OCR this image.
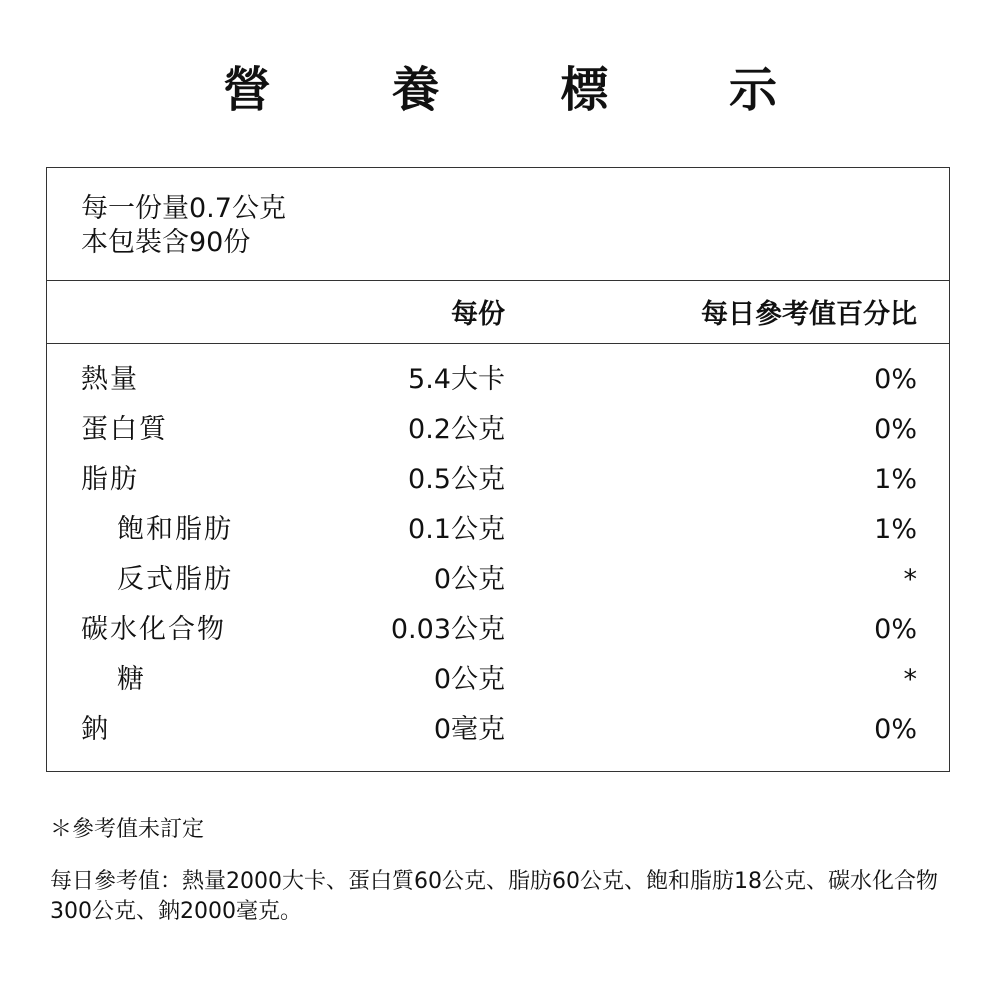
營 養 標 示
每一份量0.7公克
本包裝含90份
每份	每日參考值百分比
熱量	5.4大卡	0%
蛋白質	0.2公克	0%
脂肪	0.5公克	1%
飽和脂肪	0.1公克	1%
反式脂肪	0公克	*
碳水化合物	0.03公克	0%
糖	0公克	*
鈉	0毫克	0%
＊參考值未訂定
每日參考值：熱量2000大卡、蛋白質60公克、脂肪60公克、飽和脂肪18公克、碳水化合物300公克、鈉2000毫克。
